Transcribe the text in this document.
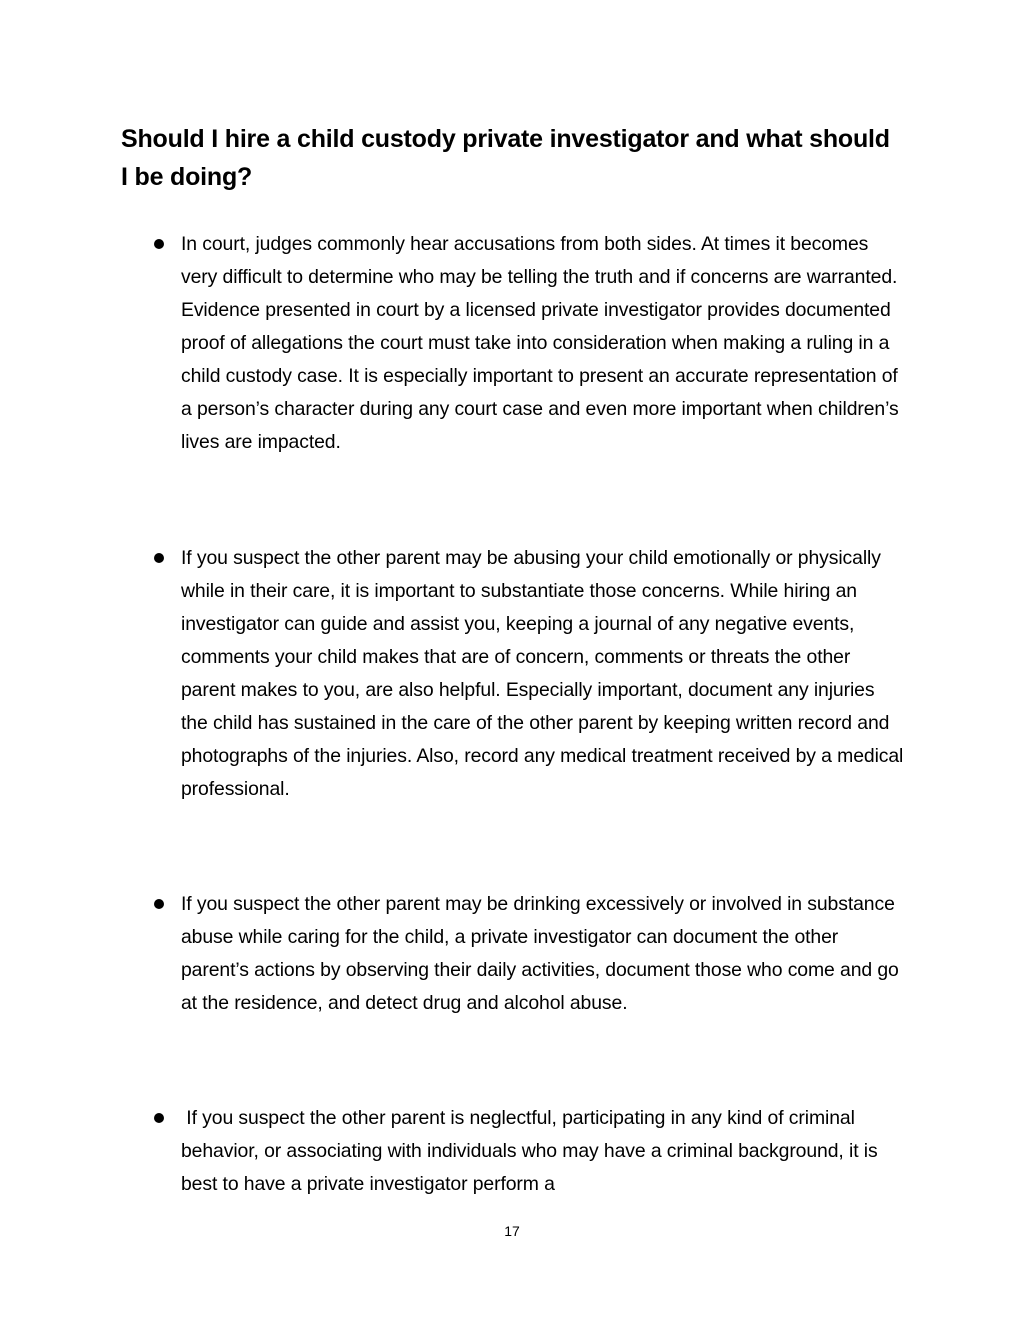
Should I hire a child custody private investigator and what should I be doing?
In court, judges commonly hear accusations from both sides. At times it becomes very difficult to determine who may be telling the truth and if concerns are warranted. Evidence presented in court by a licensed private investigator provides documented proof of allegations the court must take into consideration when making a ruling in a child custody case. It is especially important to present an accurate representation of a person’s character during any court case and even more important when children’s lives are impacted.
If you suspect the other parent may be abusing your child emotionally or physically while in their care, it is important to substantiate those concerns. While hiring an investigator can guide and assist you, keeping a journal of any negative events, comments your child makes that are of concern, comments or threats the other parent makes to you, are also helpful. Especially important, document any injuries the child has sustained in the care of the other parent by keeping written record and photographs of the injuries. Also, record any medical treatment received by a medical professional.
If you suspect the other parent may be drinking excessively or involved in substance abuse while caring for the child, a private investigator can document the other parent’s actions by observing their daily activities, document those who come and go at the residence, and detect drug and alcohol abuse.
If you suspect the other parent is neglectful, participating in any kind of criminal behavior, or associating with individuals who may have a criminal background, it is best to have a private investigator perform a
17
